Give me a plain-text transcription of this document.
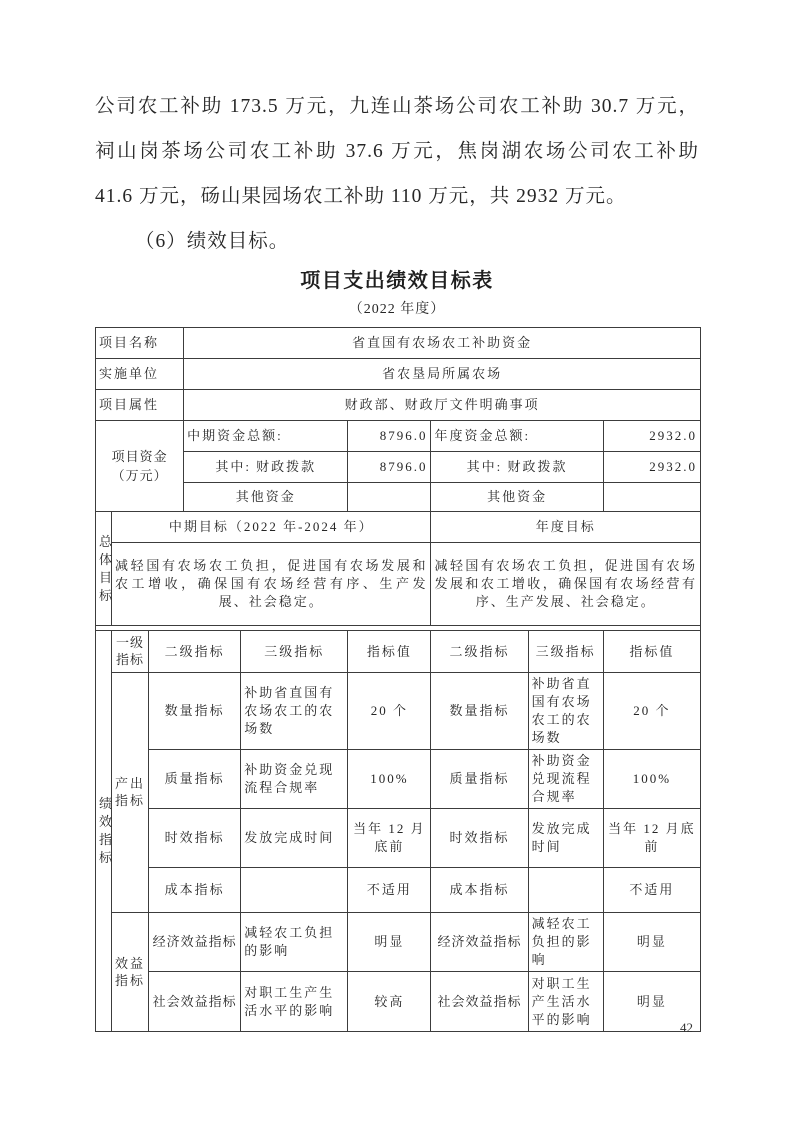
公司农工补助 173.5 万元，九连山茶场公司农工补助 30.7 万元，
祠山岗茶场公司农工补助 37.6 万元，焦岗湖农场公司农工补助
41.6 万元，砀山果园场农工补助 110 万元，共 2932 万元。
（6）绩效目标。
项目支出绩效目标表
（2022 年度）
项目名称			省直国有农场农工补助资金					
实施单位			省农垦局所属农场					
项目属性			财政部、财政厅文件明确事项					

项目资金
（万元）			中期资金总额:		8796.0	年度资金总额:		2932.0
			其中: 财政拨款		8796.0	其中: 财政拨款		2932.0
			其他资金			其他资金		
总体目标	中期目标（2022 年-2024 年）					年度目标		
	减轻国有农场农工负担，促进国有农场发展和农工增收，确保国有农场经营有序、生产发展、社会稳定。					减轻国有农场农工负担，促进国有农场发展和农工增收，确保国有农场经营有序、生产发展、社会稳定。		

绩效指标	一级指标	二级指标		三级指标	指标值	二级指标	三级指标	指标值
	产出指标	数量指标		补助省直国有农场农工的农场数	20 个	数量指标	补助省直国有农场农工的农场数	20 个
		质量指标		补助资金兑现流程合规率	100%	质量指标	补助资金兑现流程合规率	100%
		时效指标		发放完成时间	当年 12 月底前	时效指标	发放完成时间	当年 12 月底前
		成本指标			不适用	成本指标		不适用
	效益指标	经济效益指标		减轻农工负担的影响	明显	经济效益指标	减轻农工负担的影响	明显
		社会效益指标		对职工生产生活水平的影响	较高	社会效益指标	对职工生产生活水平的影响	明显
42
